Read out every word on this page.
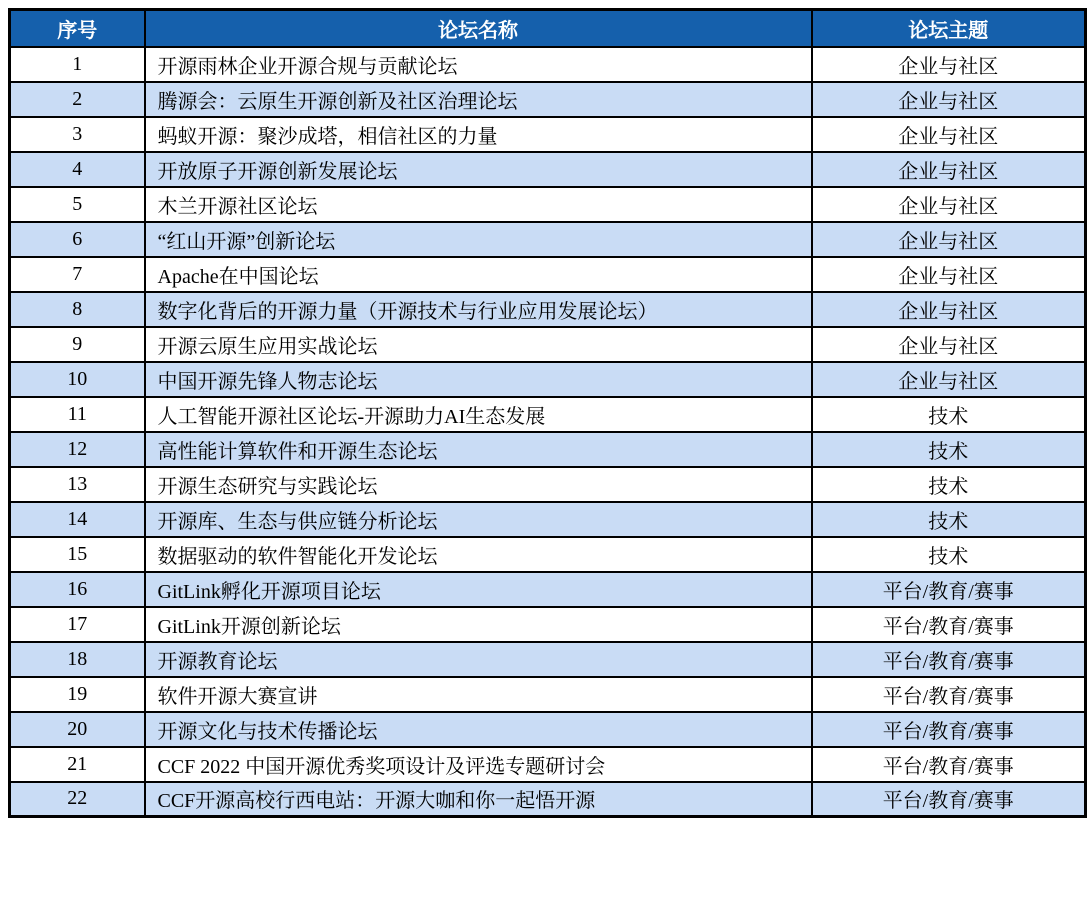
序号	论坛名称	论坛主题
1	开源雨林企业开源合规与贡献论坛	企业与社区
2	腾源会：云原生开源创新及社区治理论坛	企业与社区
3	蚂蚁开源：聚沙成塔，相信社区的力量	企业与社区
4	开放原子开源创新发展论坛	企业与社区
5	木兰开源社区论坛	企业与社区
6	“红山开源”创新论坛	企业与社区
7	Apache在中国论坛	企业与社区
8	数字化背后的开源力量（开源技术与行业应用发展论坛）	企业与社区
9	开源云原生应用实战论坛	企业与社区
10	中国开源先锋人物志论坛	企业与社区
11	人工智能开源社区论坛-开源助力AI生态发展	技术
12	高性能计算软件和开源生态论坛	技术
13	开源生态研究与实践论坛	技术
14	开源库、生态与供应链分析论坛	技术
15	数据驱动的软件智能化开发论坛	技术
16	GitLink孵化开源项目论坛	平台/教育/赛事
17	GitLink开源创新论坛	平台/教育/赛事
18	开源教育论坛	平台/教育/赛事
19	软件开源大赛宣讲	平台/教育/赛事
20	开源文化与技术传播论坛	平台/教育/赛事
21	CCF 2022 中国开源优秀奖项设计及评选专题研讨会	平台/教育/赛事
22	CCF开源高校行西电站：开源大咖和你一起悟开源	平台/教育/赛事
